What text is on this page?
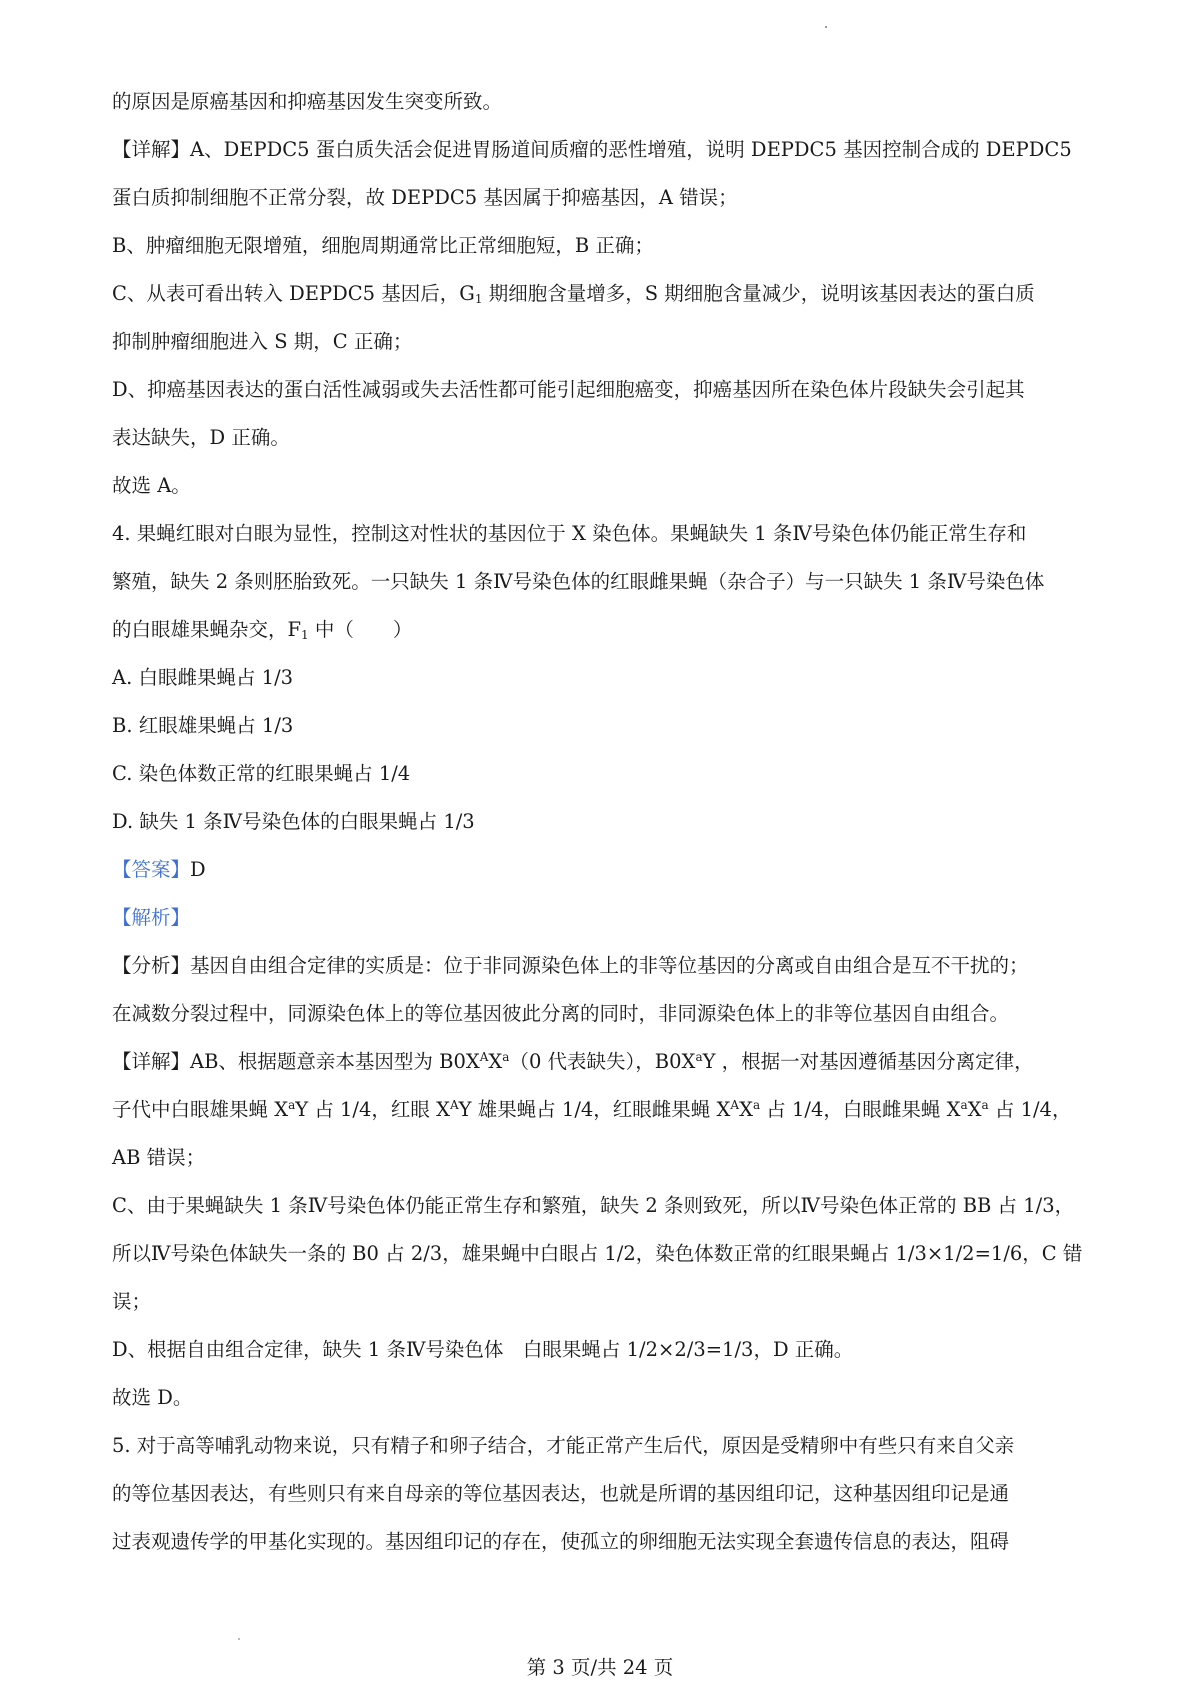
的原因是原癌基因和抑癌基因发生突变所致。

【详解】A、DEPDC5 蛋白质失活会促进胃肠道间质瘤的恶性增殖，说明 DEPDC5 基因控制合成的 DEPDC5

蛋白质抑制细胞不正常分裂，故 DEPDC5 基因属于抑癌基因，A 错误；

B、肿瘤细胞无限增殖，细胞周期通常比正常细胞短，B 正确；

C、从表可看出转入 DEPDC5 基因后，$G_1$ 期细胞含量增多，S 期细胞含量减少，说明该基因表达的蛋白质

抑制肿瘤细胞进入 S 期，C 正确；

D、抑癌基因表达的蛋白活性减弱或失去活性都可能引起细胞癌变，抑癌基因所在染色体片段缺失会引起其

表达缺失，D 正确。

故选 A。

4. 果蝇红眼对白眼为显性，控制这对性状的基因位于 X 染色体。果蝇缺失 1 条Ⅳ号染色体仍能正常生存和

繁殖，缺失 2 条则胚胎致死。一只缺失 1 条Ⅳ号染色体的红眼雌果蝇（杂合子）与一只缺失 1 条Ⅳ号染色体

的白眼雄果蝇杂交，$F_1$ 中（　　）

A. 白眼雌果蝇占 1/3

B. 红眼雄果蝇占 1/3

C. 染色体数正常的红眼果蝇占 1/4

D. 缺失 1 条Ⅳ号染色体的白眼果蝇占 1/3

【答案】D

【解析】

【分析】基因自由组合定律的实质是：位于非同源染色体上的非等位基因的分离或自由组合是互不干扰的；

在减数分裂过程中，同源染色体上的等位基因彼此分离的同时，非同源染色体上的非等位基因自由组合。

【详解】AB、根据题意亲本基因型为 $B0X^AX^a(0$ 代表缺失），$B0X^aY$ ，根据一对基因遵循基因分离定律，

子代中白眼雄果蝇 $X^aY$ 占 1/4，红眼 $X^AY$ 雄果蝇占 1/4，红眼雌果蝇 $X^AX^a$ 占 1/4，白眼雌果蝇 $X^aX^a$ 占 1/4，

AB 错误；

C、由于果蝇缺失 1 条Ⅳ号染色体仍能正常生存和繁殖，缺失 2 条则致死，所以Ⅳ号染色体正常的 BB 占 1/3，

所以Ⅳ号染色体缺失一条的 B0 占 2/3，雄果蝇中白眼占 1/2，染色体数正常的红眼果蝇占 1/3×1/2=1/6，C 错

误；

D、根据自由组合定律，缺失 1 条Ⅳ号染色体　白眼果蝇占 1/2×2/3=1/3，D 正确。

故选 D。

5. 对于高等哺乳动物来说，只有精子和卵子结合，才能正常产生后代，原因是受精卵中有些只有来自父亲

的等位基因表达，有些则只有来自母亲的等位基因表达，也就是所谓的基因组印记，这种基因组印记是通

过表观遗传学的甲基化实现的。基因组印记的存在，使孤立的卵细胞无法实现全套遗传信息的表达，阻碍

第 3 页/共 24 页
